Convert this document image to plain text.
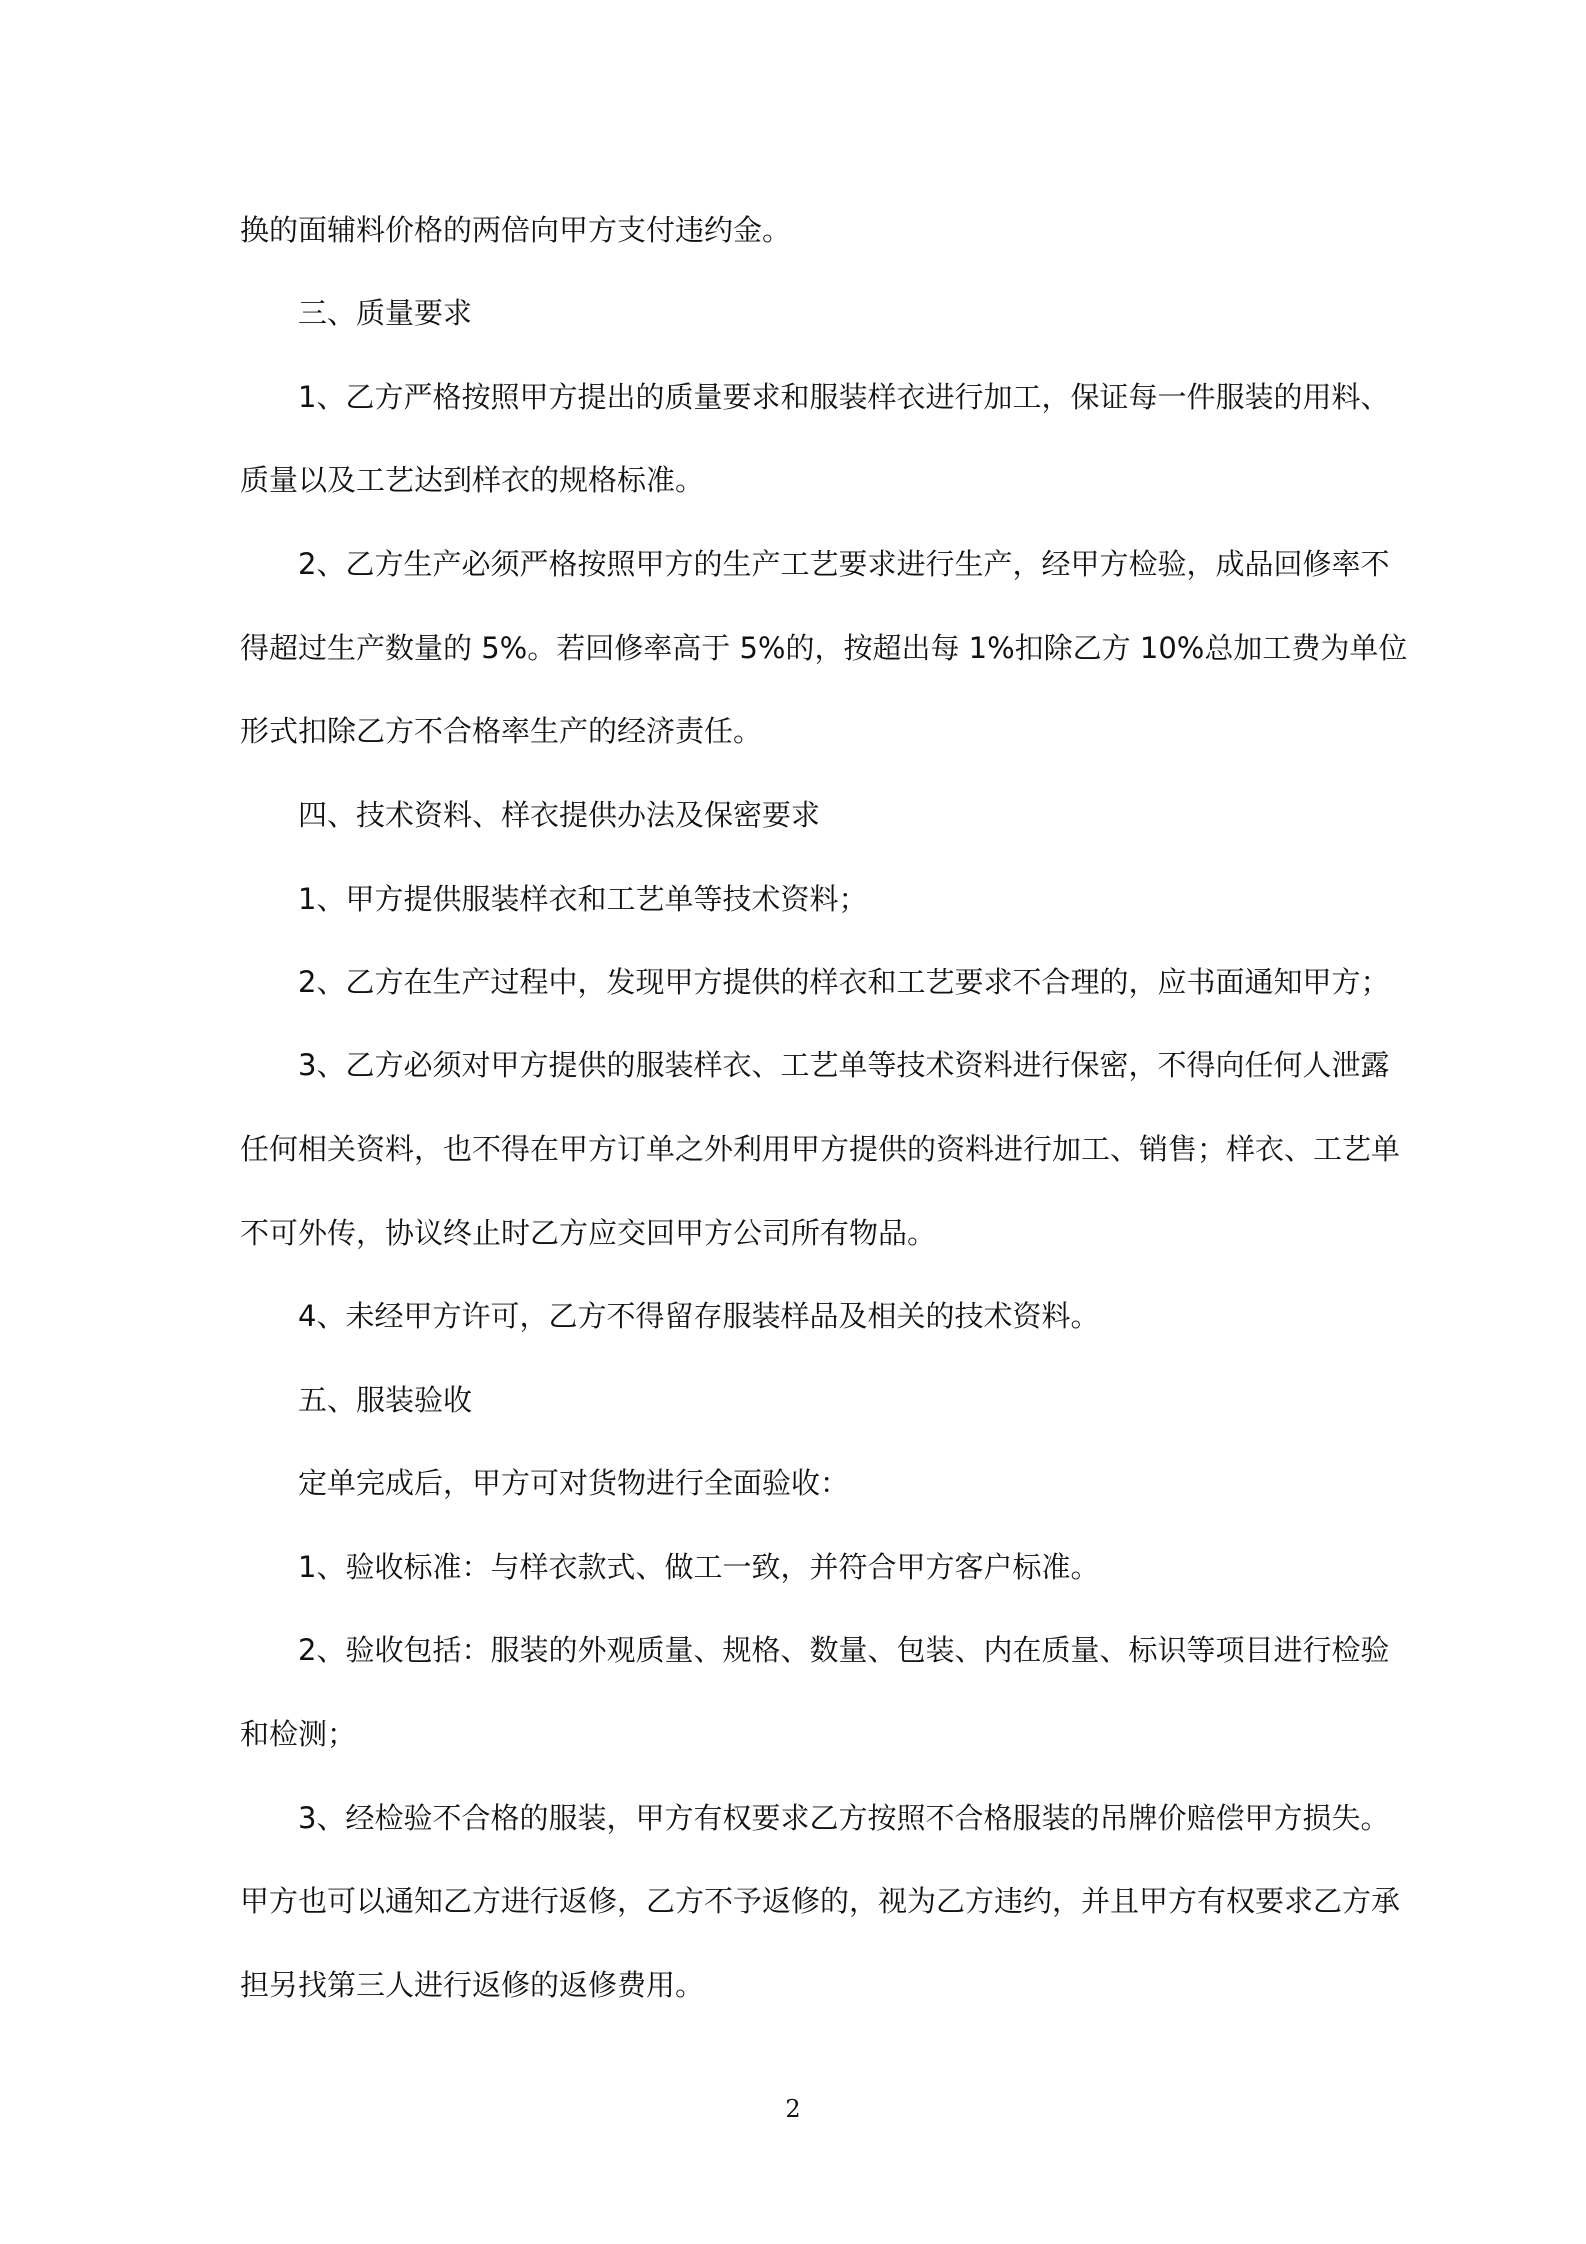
换的面辅料价格的两倍向甲方支付违约金。

三、质量要求

1、乙方严格按照甲方提出的质量要求和服装样衣进行加工，保证每一件服装的用料、

质量以及工艺达到样衣的规格标准。

2、乙方生产必须严格按照甲方的生产工艺要求进行生产，经甲方检验，成品回修率不

得超过生产数量的 5%。若回修率高于 5%的，按超出每 1%扣除乙方 10%总加工费为单位

形式扣除乙方不合格率生产的经济责任。

四、技术资料、样衣提供办法及保密要求

1、甲方提供服装样衣和工艺单等技术资料；

2、乙方在生产过程中，发现甲方提供的样衣和工艺要求不合理的，应书面通知甲方；

3、乙方必须对甲方提供的服装样衣、工艺单等技术资料进行保密，不得向任何人泄露

任何相关资料，也不得在甲方订单之外利用甲方提供的资料进行加工、销售；样衣、工艺单

不可外传，协议终止时乙方应交回甲方公司所有物品。

4、未经甲方许可，乙方不得留存服装样品及相关的技术资料。

五、服装验收

定单完成后，甲方可对货物进行全面验收：

1、验收标准：与样衣款式、做工一致，并符合甲方客户标准。

2、验收包括：服装的外观质量、规格、数量、包装、内在质量、标识等项目进行检验

和检测；

3、经检验不合格的服装，甲方有权要求乙方按照不合格服装的吊牌价赔偿甲方损失。

甲方也可以通知乙方进行返修，乙方不予返修的，视为乙方违约，并且甲方有权要求乙方承

担另找第三人进行返修的返修费用。

2
